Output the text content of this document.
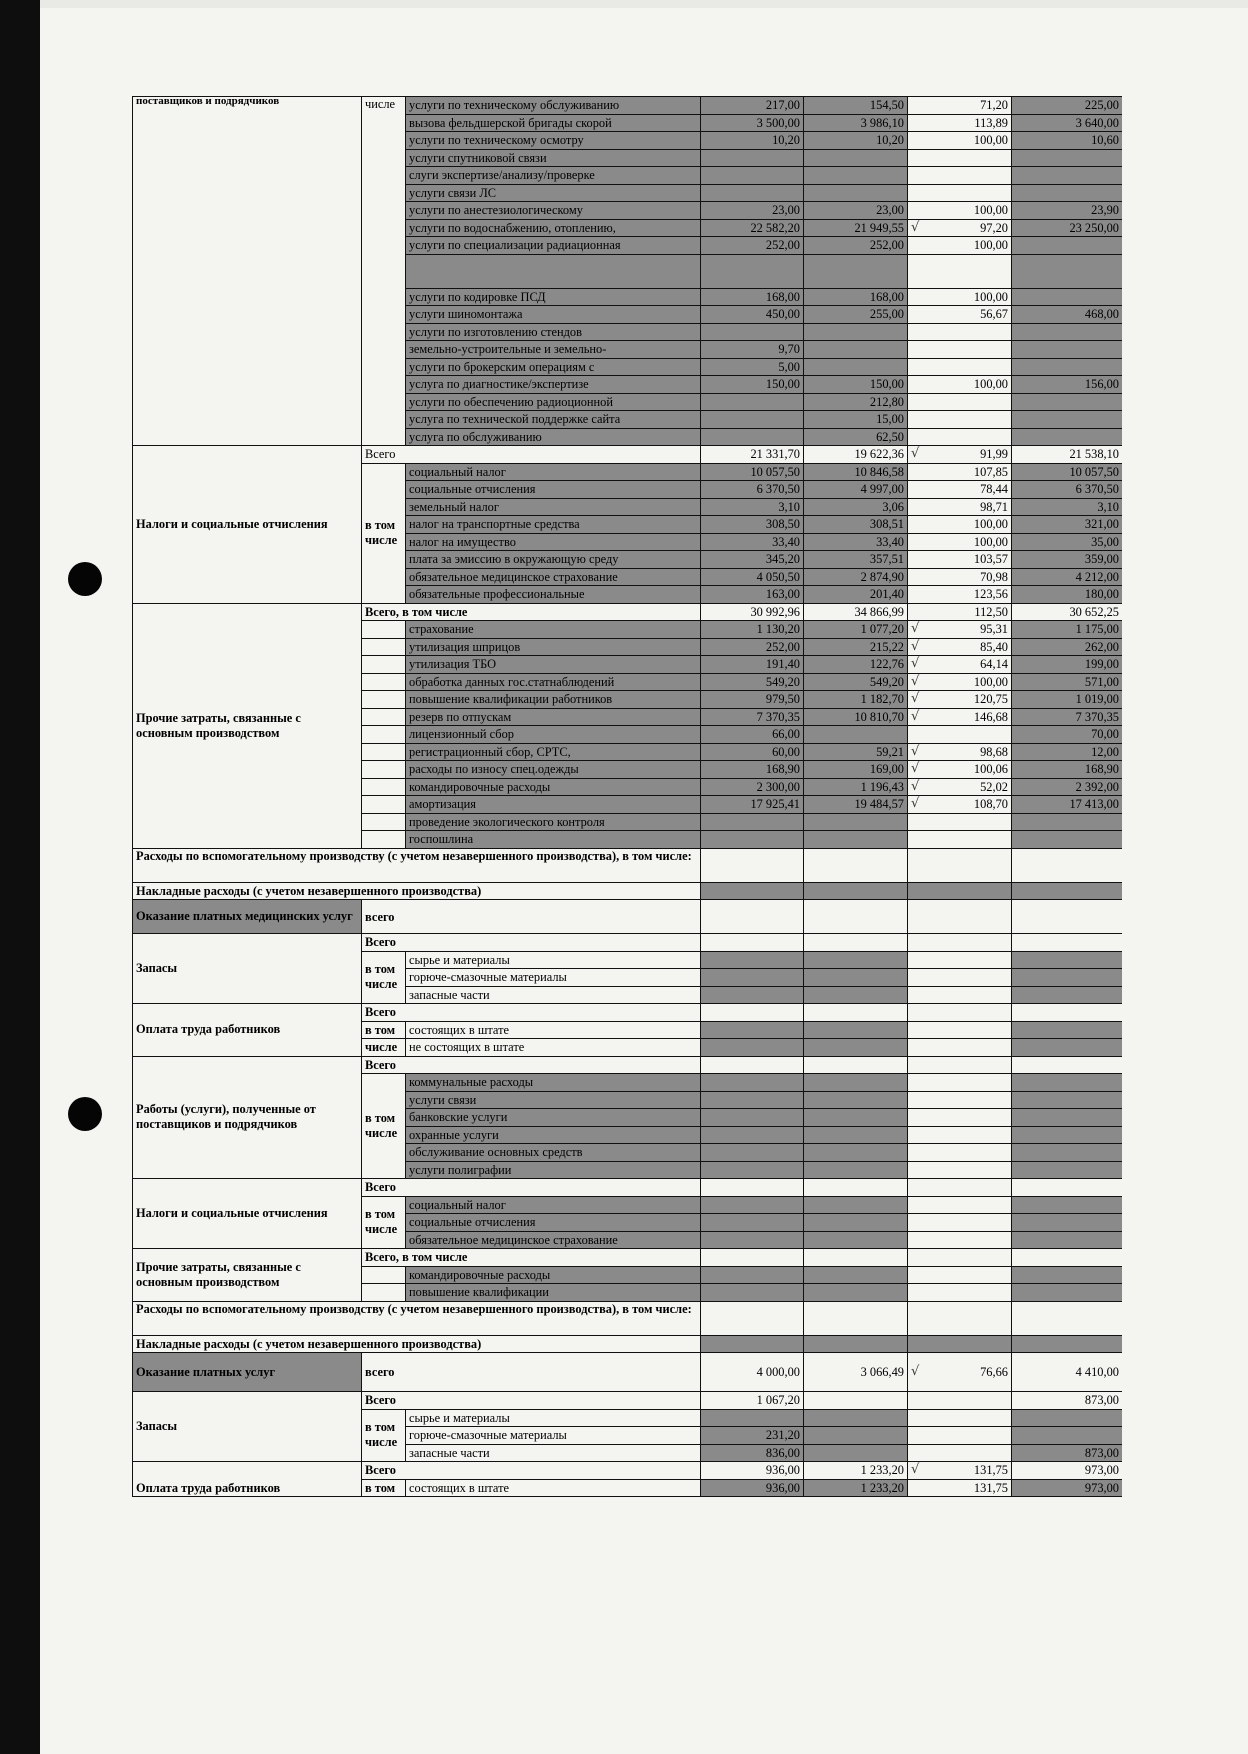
поставщиков и подрядчиков	числе	услуги по техническому обслуживанию	217,00	154,50	71,20	225,00
		вызова фельдшерской бригады скорой	3 500,00	3 986,10	113,89	3 640,00
		услуги по техническому осмотру	10,20	10,20	100,00	10,60
		услуги спутниковой связи				
		слуги экспертизе/анализу/проверке				
		услуги связи ЛС				
		услуги по анестезиологическому	23,00	23,00	100,00	23,90
		услуги по водоснабжению, отоплению,	22 582,20	21 949,55	√ 97,20	23 250,00
		услуги по специализации радиационная	252,00	252,00	100,00	

		услуги по кодировке ПСД	168,00	168,00	100,00	
		услуги шиномонтажа	450,00	255,00	56,67	468,00
		услуги по изготовлению стендов				
		земельно-устроительные и земельно-	9,70			
		услуги по брокерским операциям с	5,00			
		услуга по диагностике/экспертизе	150,00	150,00	100,00	156,00
		услуги по обеспечению радиоционной		212,80		
		услуга по технической поддержке сайта		15,00		
		услуга по обслуживанию		62,50		
Налоги и социальные отчисления	Всего		21 331,70	19 622,36	√ 91,99	21 538,10
	в том числе	социальный налог	10 057,50	10 846,58	107,85	10 057,50
		социальные отчисления	6 370,50	4 997,00	78,44	6 370,50
		земельный налог	3,10	3,06	98,71	3,10
		налог на транспортные средства	308,50	308,51	100,00	321,00
		налог на имущество	33,40	33,40	100,00	35,00
		плата за эмиссию в окружающую среду	345,20	357,51	103,57	359,00
		обязательное медицинское страхование	4 050,50	2 874,90	70,98	4 212,00
		обязательные профессиональные	163,00	201,40	123,56	180,00
Прочие затраты, связанные с основным производством	Всего, в том числе		30 992,96	34 866,99	112,50	30 652,25
		страхование	1 130,20	1 077,20	√ 95,31	1 175,00
		утилизация шприцов	252,00	215,22	√ 85,40	262,00
		утилизация ТБО	191,40	122,76	√ 64,14	199,00
		обработка данных гос.статнаблюдений	549,20	549,20	√ 100,00	571,00
		повышение квалификации работников	979,50	1 182,70	√ 120,75	1 019,00
		резерв по отпускам	7 370,35	10 810,70	√ 146,68	7 370,35
		лицензионный сбор	66,00			70,00
		регистрационный сбор, СРТС,	60,00	59,21	√ 98,68	12,00
		расходы по износу спец.одежды	168,90	169,00	√ 100,06	168,90
		командировочные расходы	2 300,00	1 196,43	√ 52,02	2 392,00
		амортизация	17 925,41	19 484,57	√ 108,70	17 413,00
		проведение экологического контроля				
		госпошлина				
Расходы по вспомогательному производству (с учетом незавершенного производства), в том числе:						
Накладные расходы (с учетом незавершенного производства)						
Оказание платных медицинских услуг	всего					
Запасы	Всего					
	в том числе	сырье и материалы				
		горюче-смазочные материалы				
		запасные части				
Оплата труда работников	Всего					
	в том	состоящих в штате				
	числе	не состоящих в штате				
Работы (услуги), полученные от поставщиков и подрядчиков	Всего					
	в том числе	коммунальные расходы				
		услуги связи				
		банковские услуги				
		охранные услуги				
		обслуживание основных средств				
		услуги полиграфии				
Налоги и социальные отчисления	Всего					
	в том числе	социальный налог				
		социальные отчисления				
		обязательное медицинское страхование				
Прочие затраты, связанные с основным производством	Всего, в том числе					
		командировочные расходы				
		повышение квалификации				
Расходы по вспомогательному производству (с учетом незавершенного производства), в том числе:						
Накладные расходы (с учетом незавершенного производства)						
Оказание платных услуг	всего		4 000,00	3 066,49	√ 76,66	4 410,00
Запасы	Всего		1 067,20			873,00
	в том числе	сырье и материалы				
		горюче-смазочные материалы	231,20			
		запасные части	836,00			873,00
Оплата труда работников	Всего		936,00	1 233,20	√ 131,75	973,00
	в том	состоящих в штате	936,00	1 233,20	131,75	973,00
